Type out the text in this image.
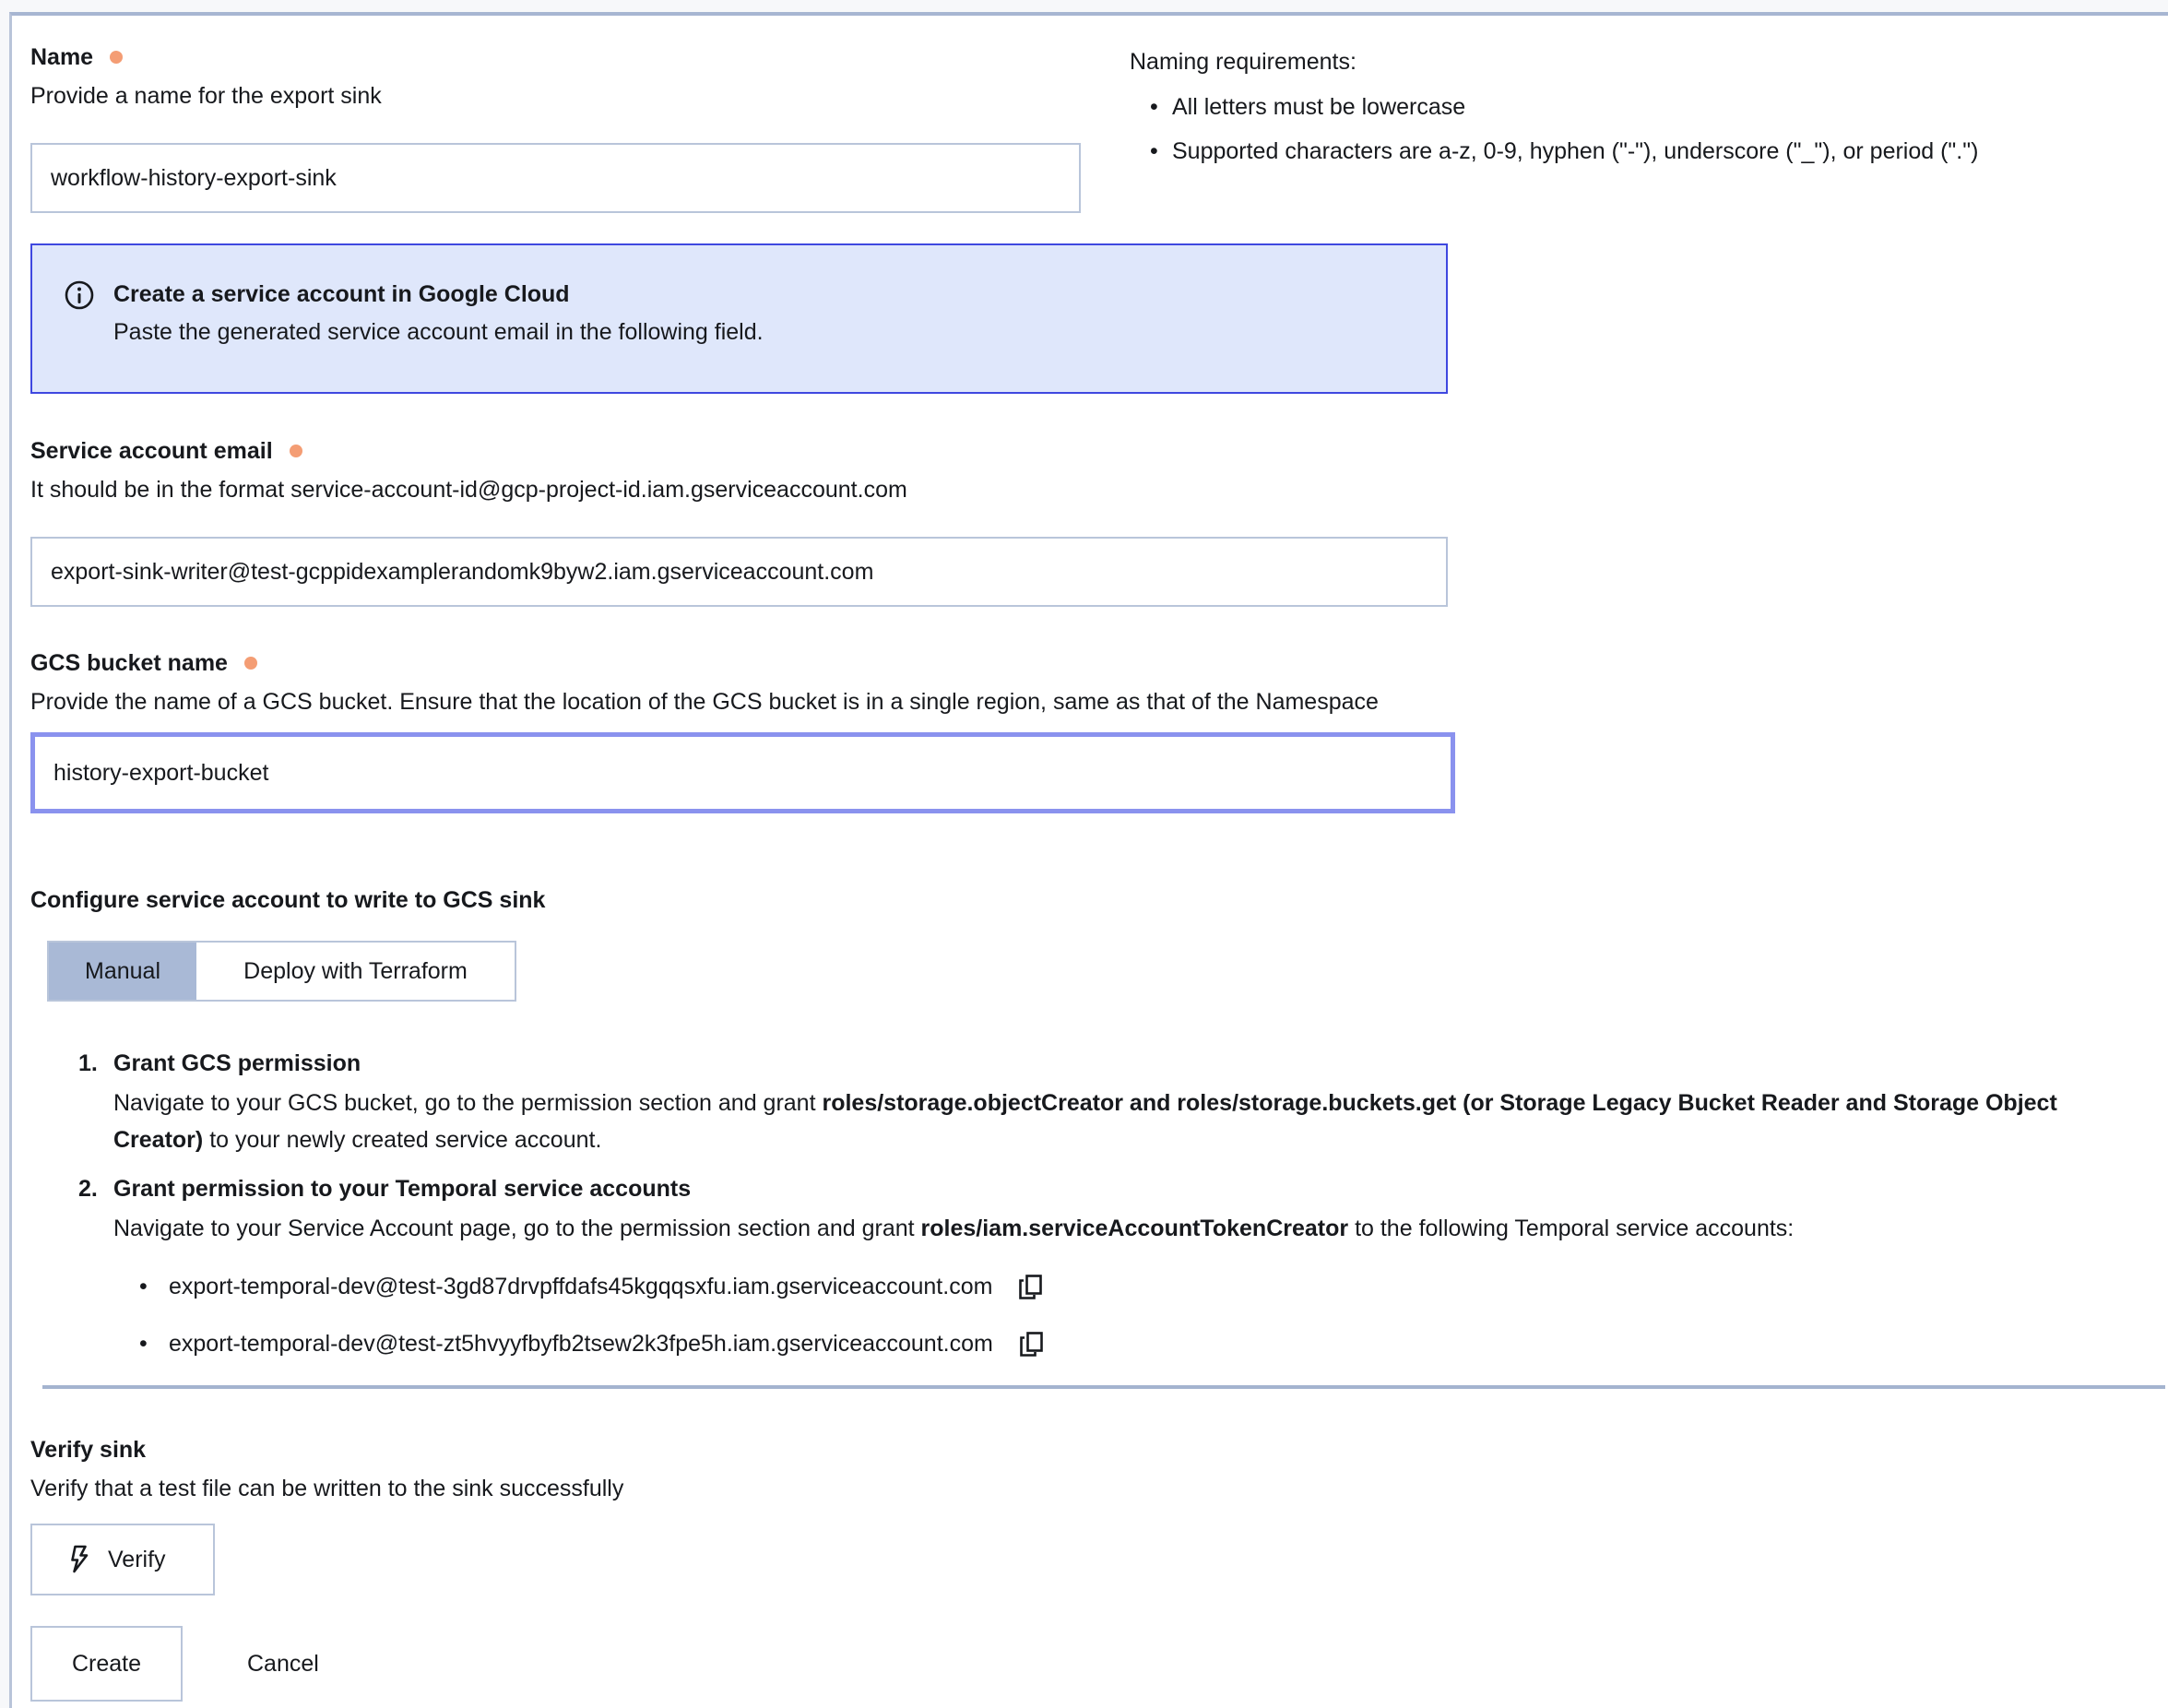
Name
Provide a name for the export sink
workflow-history-export-sink
Create a service account in Google Cloud
Paste the generated service account email in the following field.
Service account email
It should be in the format service-account-id@gcp-project-id.iam.gserviceaccount.com
export-sink-writer@test-gcppidexamplerandomk9byw2.iam.gserviceaccount.com
GCS bucket name
Provide the name of a GCS bucket. Ensure that the location of the GCS bucket is in a single region, same as that of the Namespace
history-export-bucket
Configure service account to write to GCS sink
Manual	Deploy with Terraform
1. Grant GCS permission
Navigate to your GCS bucket, go to the permission section and grant roles/storage.objectCreator and roles/storage.buckets.get (or Storage Legacy Bucket Reader and Storage Object Creator) to your newly created service account.
2. Grant permission to your Temporal service accounts
Navigate to your Service Account page, go to the permission section and grant roles/iam.serviceAccountTokenCreator to the following Temporal service accounts:
• export-temporal-dev@test-3gd87drvpffdafs45kgqqsxfu.iam.gserviceaccount.com
• export-temporal-dev@test-zt5hvyyfbyfb2tsew2k3fpe5h.iam.gserviceaccount.com
Verify sink
Verify that a test file can be written to the sink successfully
Verify
Create	Cancel
Naming requirements:
• All letters must be lowercase
• Supported characters are a-z, 0-9, hyphen ("-"), underscore ("_"), or period (".")
